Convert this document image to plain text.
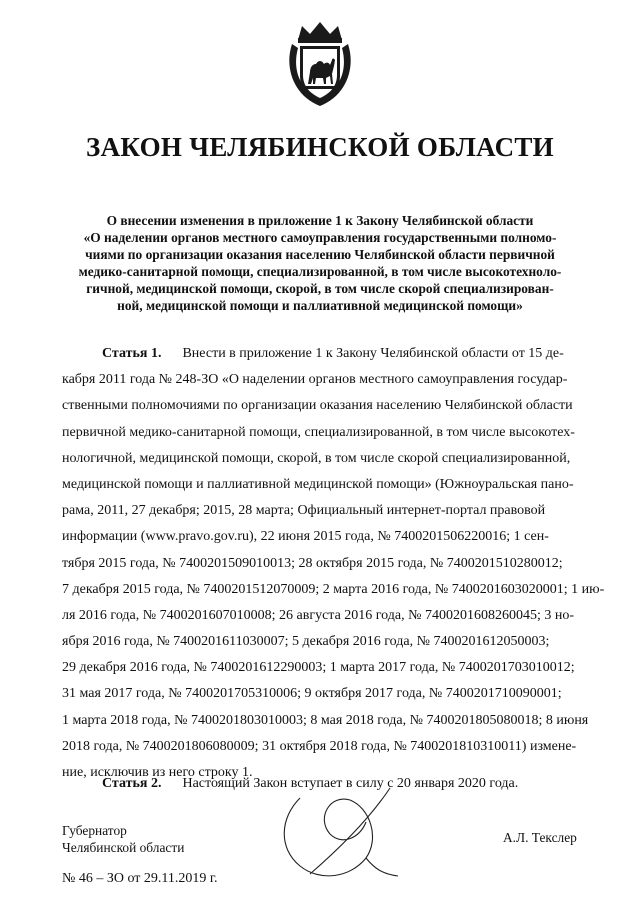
ЗАКОН ЧЕЛЯБИНСКОЙ ОБЛАСТИ
О внесении изменения в приложение 1 к Закону Челябинской области
«О наделении органов местного самоуправления государственными полномо-
чиями по организации оказания населению Челябинской области первичной
медико-санитарной помощи, специализированной, в том числе высокотехноло-
гичной, медицинской помощи, скорой, в том числе скорой специализирован-
ной, медицинской помощи и паллиативной медицинской помощи»
Статья 1. Внести в приложение 1 к Закону Челябинской области от 15 де-
кабря 2011 года № 248-ЗО «О наделении органов местного самоуправления государ-
ственными полномочиями по организации оказания населению Челябинской области
первичной медико-санитарной помощи, специализированной, в том числе высокотех-
нологичной, медицинской помощи, скорой, в том числе скорой специализированной,
медицинской помощи и паллиативной медицинской помощи» (Южноуральская пано-
рама, 2011, 27 декабря; 2015, 28 марта; Официальный интернет-портал правовой
информации (www.pravo.gov.ru), 22 июня 2015 года, № 7400201506220016; 1 сен-
тября 2015 года, № 7400201509010013; 28 октября 2015 года, № 7400201510280012;
7 декабря 2015 года, № 7400201512070009; 2 марта 2016 года, № 7400201603020001; 1 ию-
ля 2016 года, № 7400201607010008; 26 августа 2016 года, № 7400201608260045; 3 но-
ября 2016 года, № 7400201611030007; 5 декабря 2016 года, № 7400201612050003;
29 декабря 2016 года, № 7400201612290003; 1 марта 2017 года, № 7400201703010012;
31 мая 2017 года, № 7400201705310006; 9 октября 2017 года, № 7400201710090001;
1 марта 2018 года, № 7400201803010003; 8 мая 2018 года, № 7400201805080018; 8 июня
2018 года, № 7400201806080009; 31 октября 2018 года, № 7400201810310011) измене-
ние, исключив из него строку 1.
Статья 2. Настоящий Закон вступает в силу с 20 января 2020 года.
Губернатор
Челябинской области
А.Л. Текслер
№ 46 – ЗО от 29.11.2019 г.
